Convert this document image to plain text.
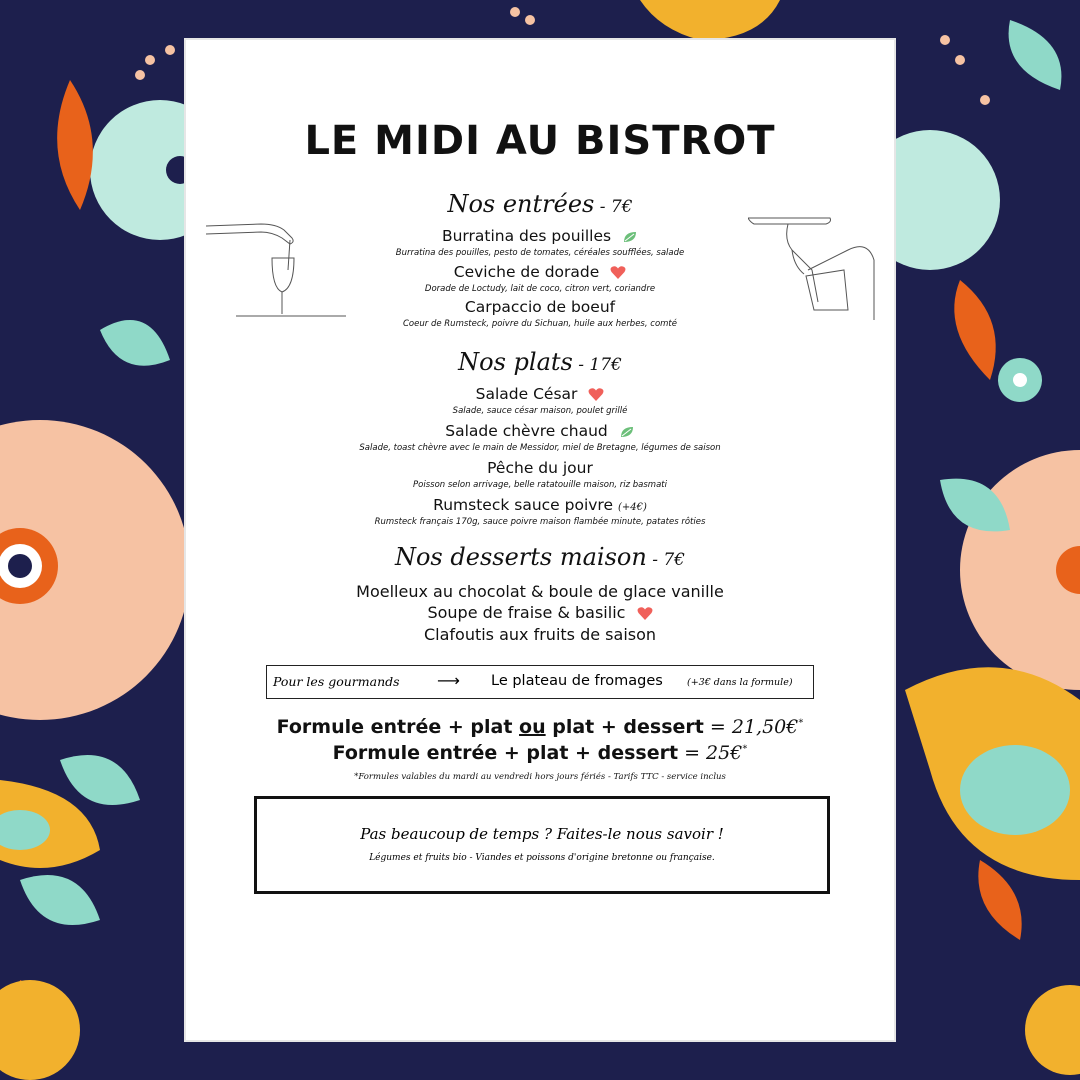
LE MIDI AU BISTROT
Nos entrées - 7€
Burratina des pouilles
Burratina des pouilles, pesto de tomates, céréales soufflées, salade
Ceviche de dorade
Dorade de Loctudy, lait de coco, citron vert, coriandre
Carpaccio de boeuf
Coeur de Rumsteck, poivre du Sichuan, huile aux herbes, comté
Nos plats - 17€
Salade César
Salade, sauce césar maison, poulet grillé
Salade chèvre chaud
Salade, toast chèvre avec le main de Messidor, miel de Bretagne, légumes de saison
Pêche du jour
Poisson selon arrivage, belle ratatouille maison, riz basmati
Rumsteck sauce poivre (+4€)
Rumsteck français 170g, sauce poivre maison flambée minute, patates rôties
Nos desserts maison - 7€
Moelleux au chocolat & boule de glace vanille
Soupe de fraise & basilic
Clafoutis aux fruits de saison
Pour les gourmands ⟶ Le plateau de fromages	(+3€ dans la formule)
Formule entrée + plat ou plat + dessert = 21,50€*
Formule entrée + plat + dessert = 25€*
*Formules valables du mardi au vendredi hors jours fériés - Tarifs TTC - service inclus
Pas beaucoup de temps ? Faites-le nous savoir !
Légumes et fruits bio - Viandes et poissons d'origine bretonne ou française.
